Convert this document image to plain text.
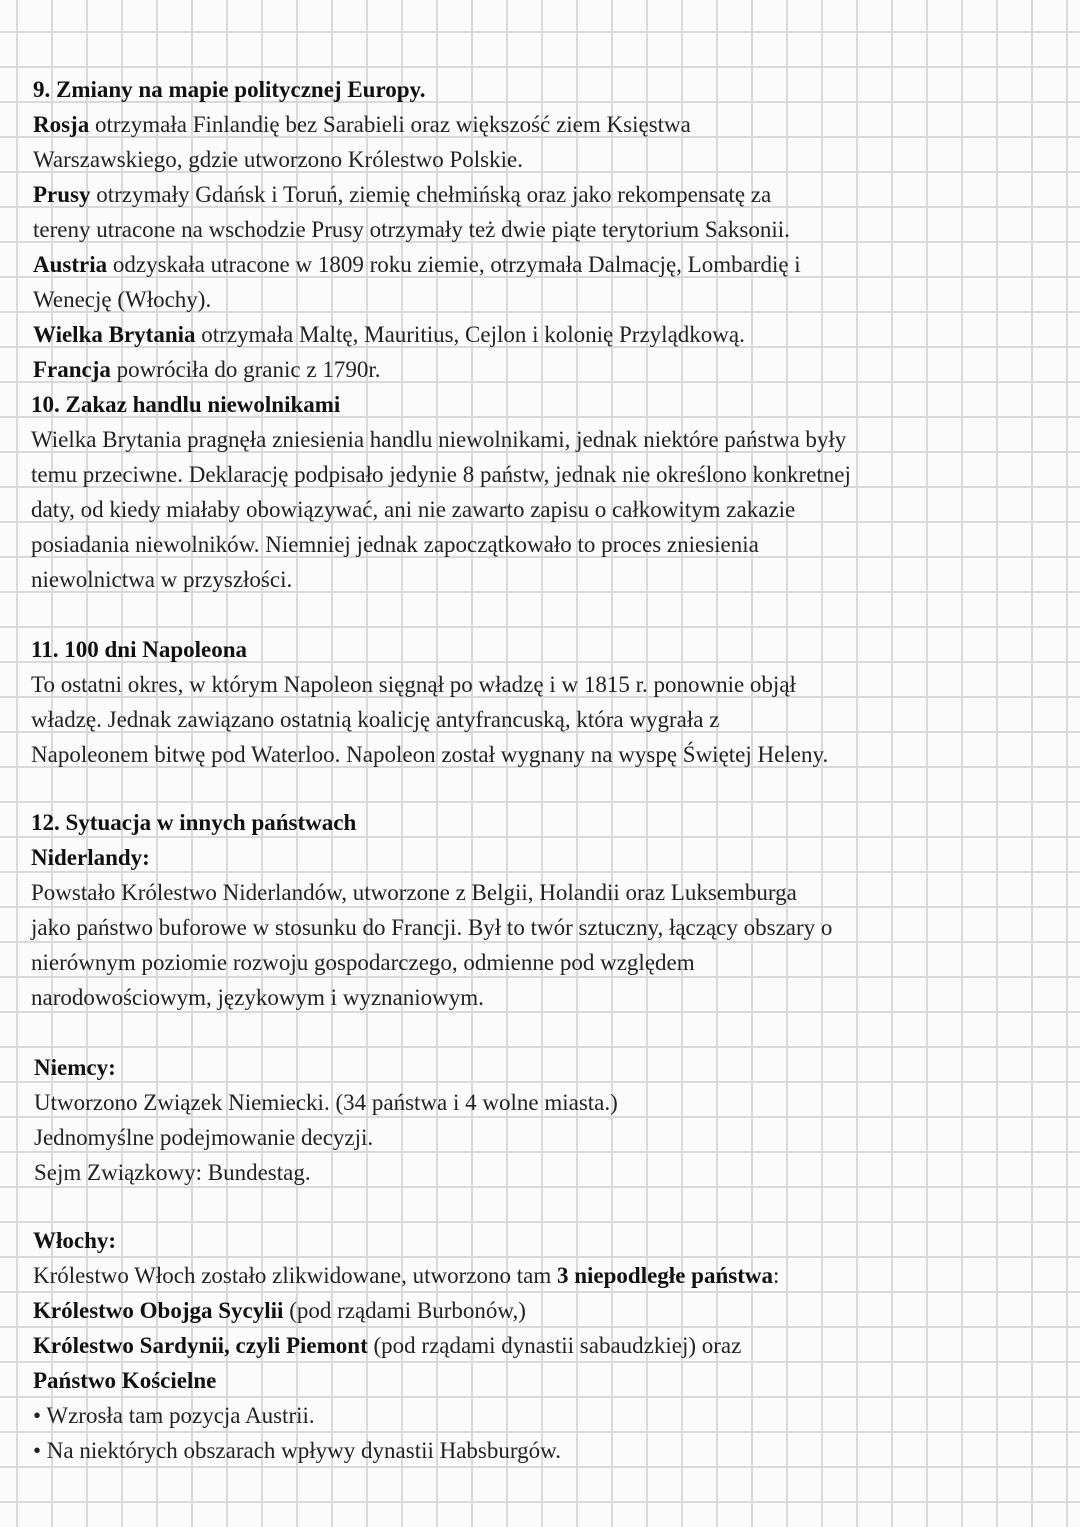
9. Zmiany na mapie politycznej Europy.
Rosja otrzymała Finlandię bez Sarabieli oraz większość ziem Księstwa
Warszawskiego, gdzie utworzono Królestwo Polskie.
Prusy otrzymały Gdańsk i Toruń, ziemię chełmińską oraz jako rekompensatę za
tereny utracone na wschodzie Prusy otrzymały też dwie piąte terytorium Saksonii.
Austria odzyskała utracone w 1809 roku ziemie, otrzymała Dalmację, Lombardię i
Wenecję (Włochy).
Wielka Brytania otrzymała Maltę, Mauritius, Cejlon i kolonię Przylądkową.
Francja powróciła do granic z 1790r.
10. Zakaz handlu niewolnikami
Wielka Brytania pragnęła zniesienia handlu niewolnikami, jednak niektóre państwa były
temu przeciwne. Deklarację podpisało jedynie 8 państw, jednak nie określono konkretnej
daty, od kiedy miałaby obowiązywać, ani nie zawarto zapisu o całkowitym zakazie
posiadania niewolników. Niemniej jednak zapoczątkowało to proces zniesienia
niewolnictwa w przyszłości.
11. 100 dni Napoleona
To ostatni okres, w którym Napoleon sięgnął po władzę i w 1815 r. ponownie objął
władzę. Jednak zawiązano ostatnią koalicję antyfrancuską, która wygrała z
Napoleonem bitwę pod Waterloo. Napoleon został wygnany na wyspę Świętej Heleny.
12. Sytuacja w innych państwach
Niderlandy:
Powstało Królestwo Niderlandów, utworzone z Belgii, Holandii oraz Luksemburga
jako państwo buforowe w stosunku do Francji. Był to twór sztuczny, łączący obszary o
nierównym poziomie rozwoju gospodarczego, odmienne pod względem
narodowościowym, językowym i wyznaniowym.
Niemcy:
Utworzono Związek Niemiecki. (34 państwa i 4 wolne miasta.)
Jednomyślne podejmowanie decyzji.
Sejm Związkowy: Bundestag.
Włochy:
Królestwo Włoch zostało zlikwidowane, utworzono tam 3 niepodległe państwa:
Królestwo Obojga Sycylii (pod rządami Burbonów,)
Królestwo Sardynii, czyli Piemont (pod rządami dynastii sabaudzkiej) oraz
Państwo Kościelne
• Wzrosła tam pozycja Austrii.
• Na niektórych obszarach wpływy dynastii Habsburgów.
